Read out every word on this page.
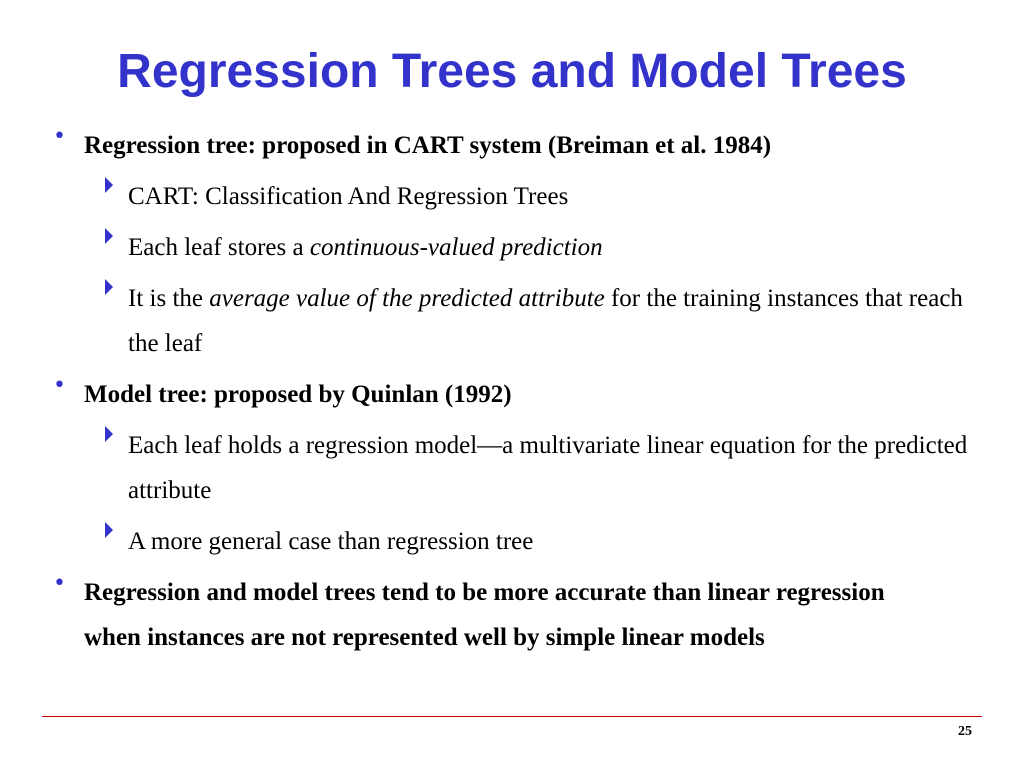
Regression Trees and Model Trees
• Regression tree: proposed in CART system (Breiman et al. 1984)
CART: Classification And Regression Trees
Each leaf stores a continuous-valued prediction
It is the average value of the predicted attribute for the training instances that reach the leaf
• Model tree: proposed by Quinlan (1992)
Each leaf holds a regression model—a multivariate linear equation for the predicted attribute
A more general case than regression tree
• Regression and model trees tend to be more accurate than linear regression when instances are not represented well by simple linear models
25
